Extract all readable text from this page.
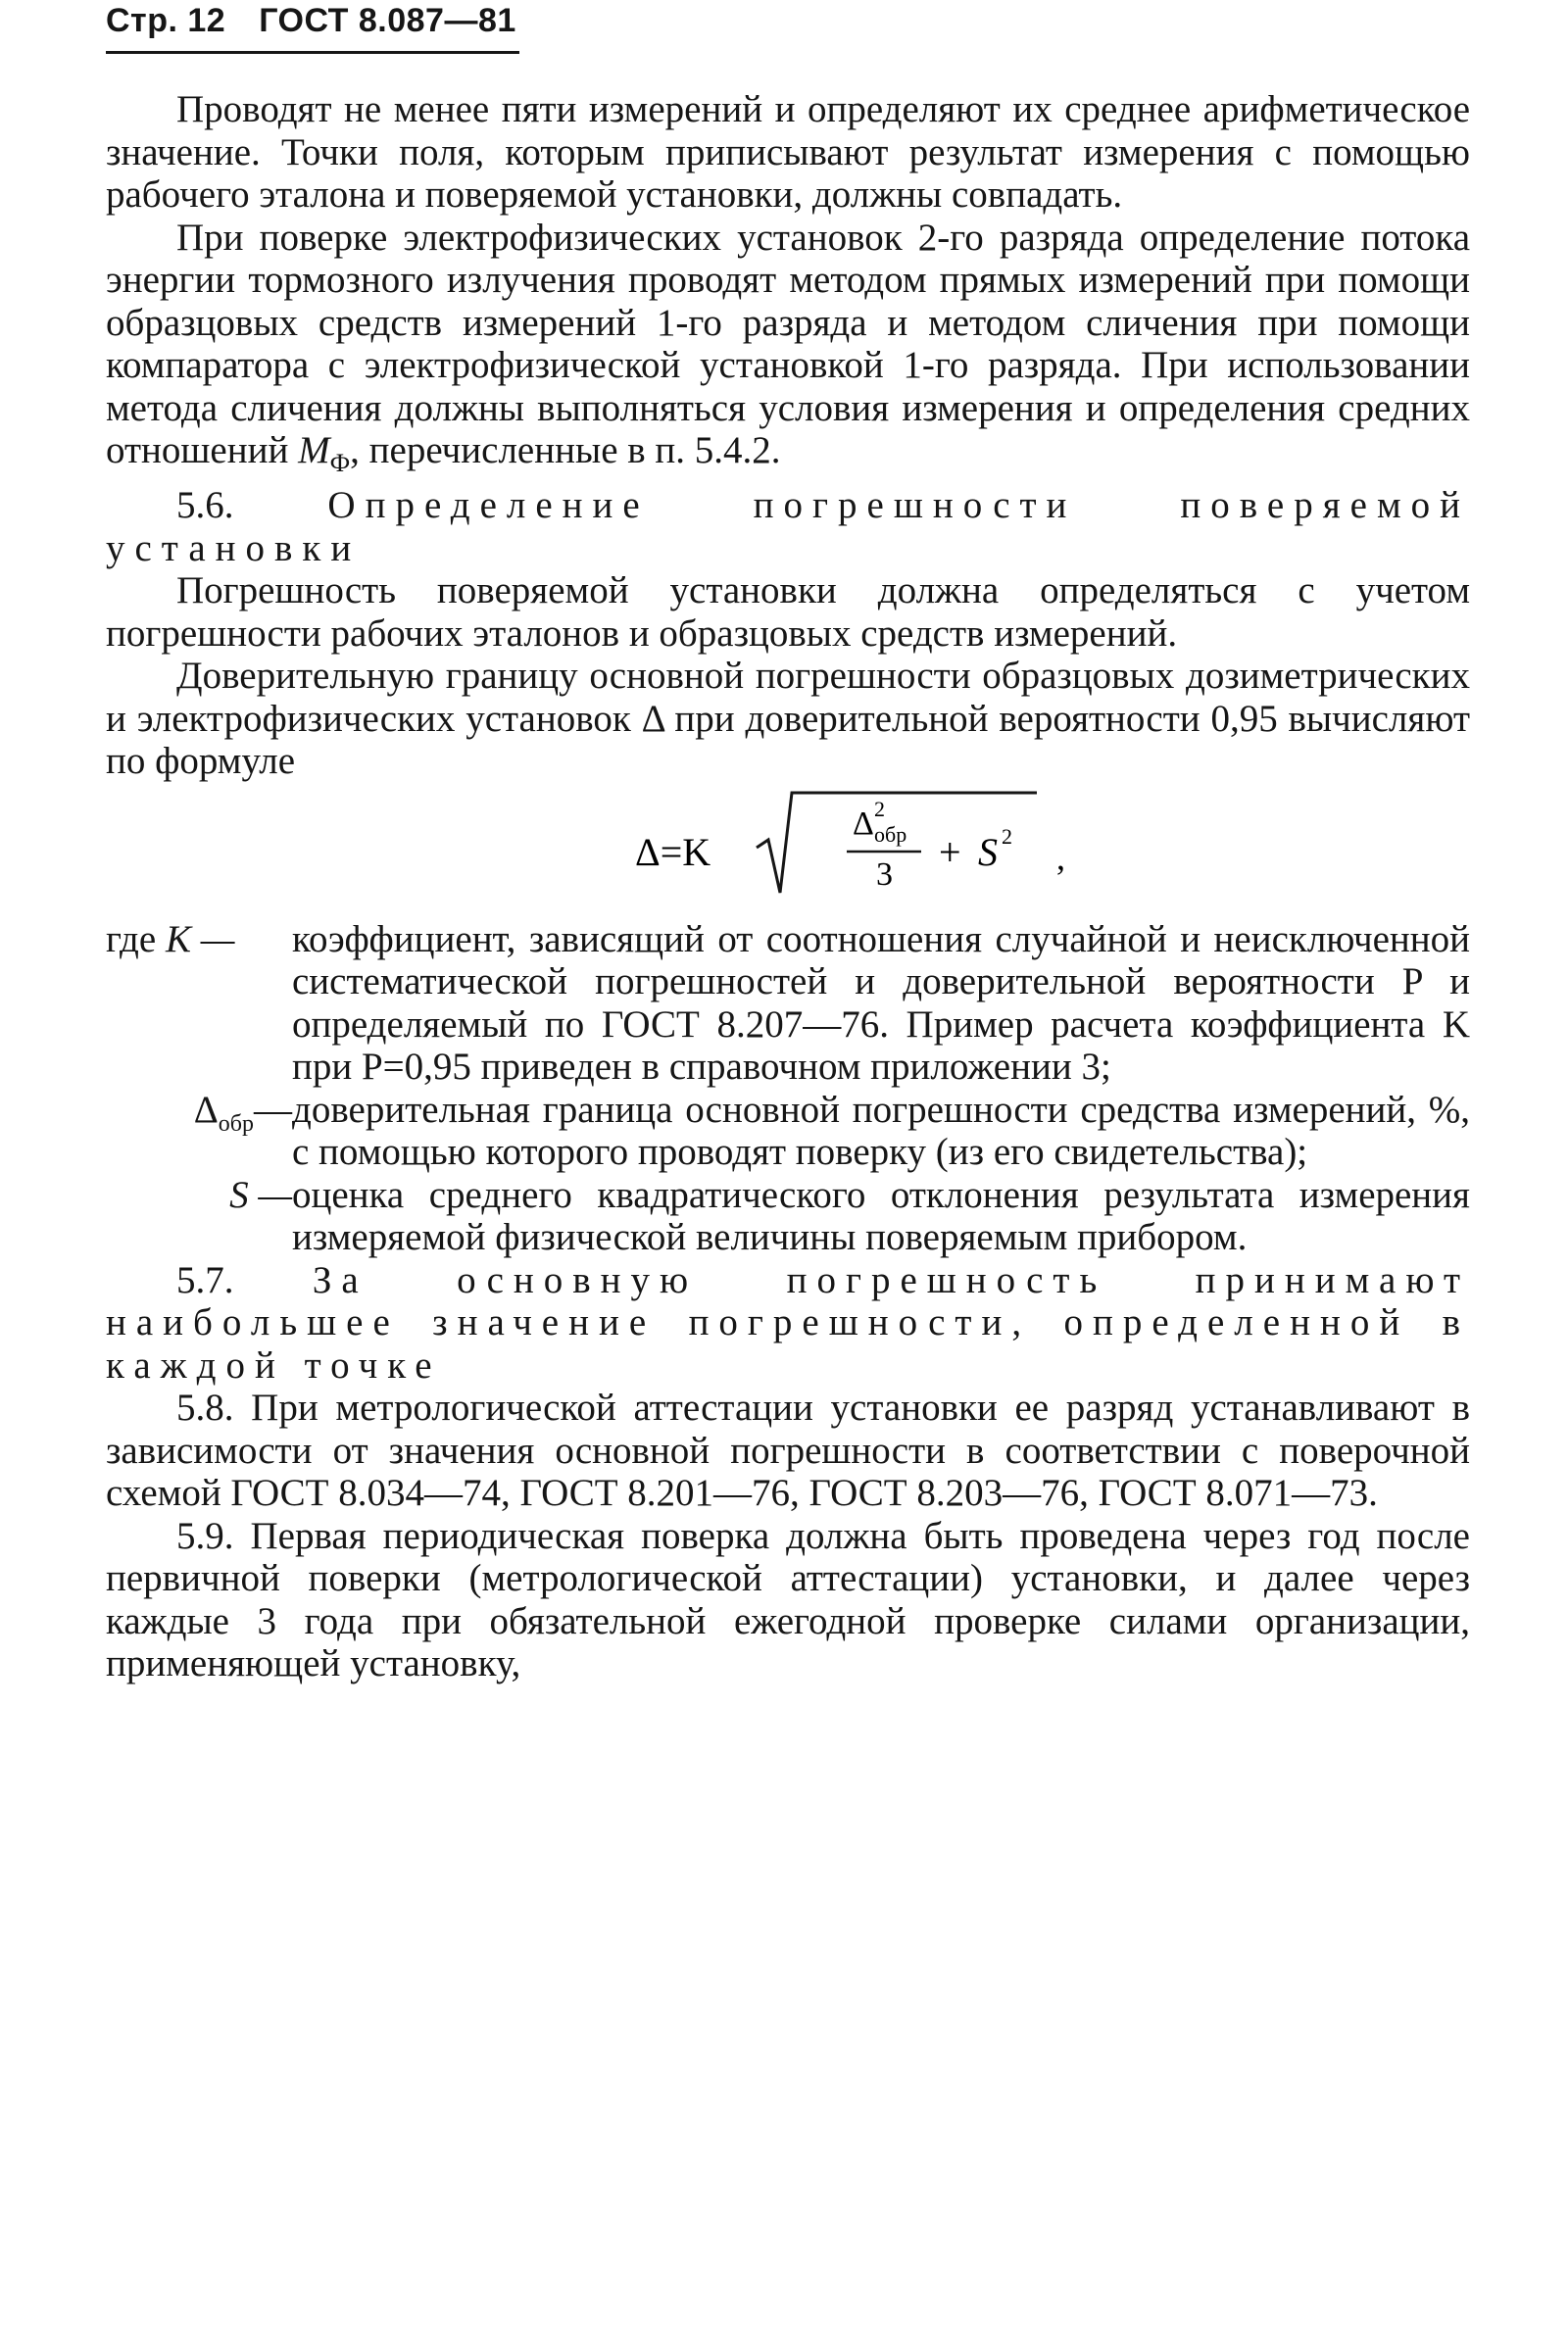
Стр. 12 ГОСТ 8.087—81

Проводят не менее пяти измерений и определяют их среднее арифметическое значение. Точки поля, которым приписывают результат измерения с помощью рабочего эталона и поверяемой установки, должны совпадать.

При поверке электрофизических установок 2-го разряда определение потока энергии тормозного излучения проводят методом прямых измерений при помощи образцовых средств измерений 1-го разряда и методом сличения при помощи компаратора с электрофизической установкой 1-го разряда. При использовании метода сличения должны выполняться условия измерения и определения средних отношений $M_Ф$, перечисленные в п. 5.4.2.

5.6. Определение погрешности поверяемой установки

Погрешность поверяемой установки должна определяться с учетом погрешности рабочих эталонов и образцовых средств измерений.

Доверительную границу основной погрешности образцовых дозиметрических и электрофизических установок Δ при доверительной вероятности 0,95 вычисляют по формуле

Δ=K
Δ 2
обр
3
+ S 2
,
где K —	коэффициент, зависящий от соотношения случайной и неисключенной систематической погрешностей и доверительной вероятности P и определяемый по ГОСТ 8.207—76. Пример расчета коэффициента K при P=0,95 приведен в справочном приложении 3;
$\Delta_{обр}—$ доверительная граница основной погрешности средства измерений, %, с помощью которого проводят поверку (из его свидетельства);
S — оценка среднего квадратического отклонения результата измерения измеряемой физической величины поверяемым прибором.

5.7. За основную погрешность принимают наибольшее значение погрешности, определенной в каждой точке

5.8. При метрологической аттестации установки ее разряд устанавливают в зависимости от значения основной погрешности в соответствии с поверочной схемой ГОСТ 8.034—74, ГОСТ 8.201—76, ГОСТ 8.203—76, ГОСТ 8.071—73.

5.9. Первая периодическая поверка должна быть проведена через год после первичной поверки (метрологической аттестации) установки, и далее через каждые 3 года при обязательной ежегодной проверке силами организации, применяющей установку,
